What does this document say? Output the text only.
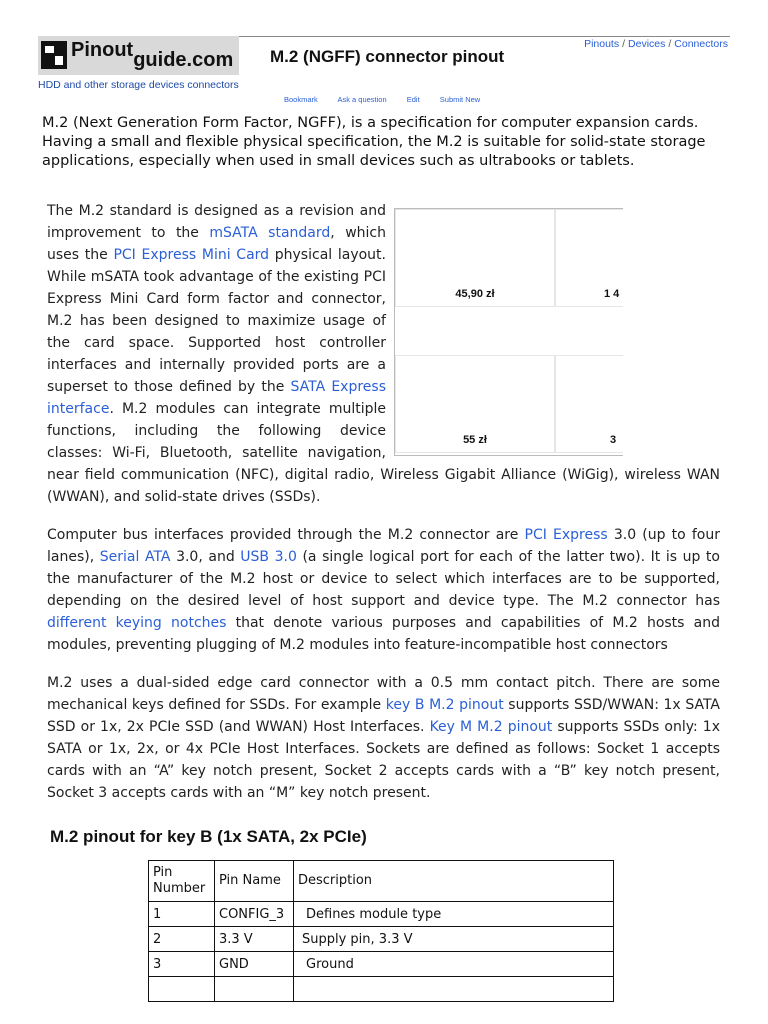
Pinoutguide.com M.2 (NGFF) connector pinout
Pinouts / Devices / Connectors
HDD and other storage devices connectors
Bookmark	Ask a question	Edit	Submit New
M.2 (Next Generation Form Factor, NGFF), is a specification for computer expansion cards. Having a small and flexible physical specification, the M.2 is suitable for solid-state storage applications, especially when used in small devices such as ultrabooks or tablets.
45,90 zł	1 4
55 zł	3
The M.2 standard is designed as a revision and improvement to the mSATA standard, which uses the PCI Express Mini Card physical layout. While mSATA took advantage of the existing PCI Express Mini Card form factor and connector, M.2 has been designed to maximize usage of the card space. Supported host controller interfaces and internally provided ports are a superset to those defined by the SATA Express interface. M.2 modules can integrate multiple functions, including the following device classes: Wi-Fi, Bluetooth, satellite navigation, near field communication (NFC), digital radio, Wireless Gigabit Alliance (WiGig), wireless WAN (WWAN), and solid-state drives (SSDs).
Computer bus interfaces provided through the M.2 connector are PCI Express 3.0 (up to four lanes), Serial ATA 3.0, and USB 3.0 (a single logical port for each of the latter two). It is up to the manufacturer of the M.2 host or device to select which interfaces are to be supported, depending on the desired level of host support and device type. The M.2 connector has different keying notches that denote various purposes and capabilities of M.2 hosts and modules, preventing plugging of M.2 modules into feature-incompatible host connectors
M.2 uses a dual-sided edge card connector with a 0.5 mm contact pitch. There are some mechanical keys defined for SSDs. For example key B M.2 pinout supports SSD/WWAN: 1x SATA SSD or 1x, 2x PCIe SSD (and WWAN) Host Interfaces. Key M M.2 pinout supports SSDs only: 1x SATA or 1x, 2x, or 4x PCIe Host Interfaces. Sockets are defined as follows: Socket 1 accepts cards with an “A” key notch present, Socket 2 accepts cards with a “B” key notch present, Socket 3 accepts cards with an “M” key notch present.
M.2 pinout for key B (1x SATA, 2x PCIe)
Pin Number	Pin Name	Description
1	CONFIG_3	Defines module type
2	3.3 V	Supply pin, 3.3 V
3	GND	Ground
